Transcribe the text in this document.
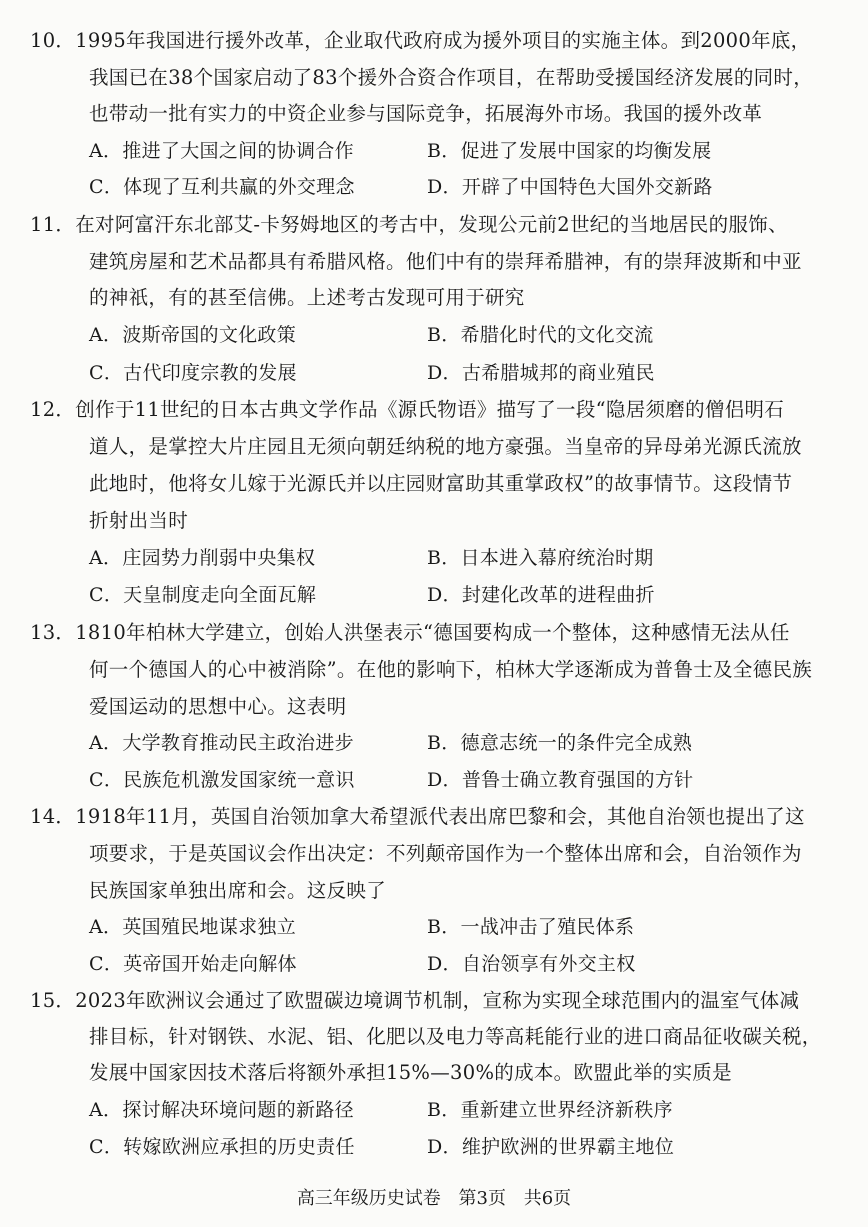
10．1995年我国进行援外改革，企业取代政府成为援外项目的实施主体。到2000年底，
我国已在38个国家启动了83个援外合资合作项目，在帮助受援国经济发展的同时，
也带动一批有实力的中资企业参与国际竞争，拓展海外市场。我国的援外改革
A．推进了大国之间的协调合作	B．促进了发展中国家的均衡发展
C．体现了互利共赢的外交理念	D．开辟了中国特色大国外交新路
11．在对阿富汗东北部艾-卡努姆地区的考古中，发现公元前2世纪的当地居民的服饰、
建筑房屋和艺术品都具有希腊风格。他们中有的崇拜希腊神，有的崇拜波斯和中亚
的神祇，有的甚至信佛。上述考古发现可用于研究
A．波斯帝国的文化政策	B．希腊化时代的文化交流
C．古代印度宗教的发展	D．古希腊城邦的商业殖民
12．创作于11世纪的日本古典文学作品《源氏物语》描写了一段“隐居须磨的僧侣明石
道人，是掌控大片庄园且无须向朝廷纳税的地方豪强。当皇帝的异母弟光源氏流放
此地时，他将女儿嫁于光源氏并以庄园财富助其重掌政权”的故事情节。这段情节
折射出当时
A．庄园势力削弱中央集权	B．日本进入幕府统治时期
C．天皇制度走向全面瓦解	D．封建化改革的进程曲折
13．1810年柏林大学建立，创始人洪堡表示“德国要构成一个整体，这种感情无法从任
何一个德国人的心中被消除”。在他的影响下，柏林大学逐渐成为普鲁士及全德民族
爱国运动的思想中心。这表明
A．大学教育推动民主政治进步	B．德意志统一的条件完全成熟
C．民族危机激发国家统一意识	D．普鲁士确立教育强国的方针
14．1918年11月，英国自治领加拿大希望派代表出席巴黎和会，其他自治领也提出了这
项要求，于是英国议会作出决定：不列颠帝国作为一个整体出席和会，自治领作为
民族国家单独出席和会。这反映了
A．英国殖民地谋求独立	B．一战冲击了殖民体系
C．英帝国开始走向解体	D．自治领享有外交主权
15．2023年欧洲议会通过了欧盟碳边境调节机制，宣称为实现全球范围内的温室气体减
排目标，针对钢铁、水泥、铝、化肥以及电力等高耗能行业的进口商品征收碳关税，
发展中国家因技术落后将额外承担15%—30%的成本。欧盟此举的实质是
A．探讨解决环境问题的新路径	B．重新建立世界经济新秩序
C．转嫁欧洲应承担的历史责任	D．维护欧洲的世界霸主地位
高三年级历史试卷 第3页 共6页
